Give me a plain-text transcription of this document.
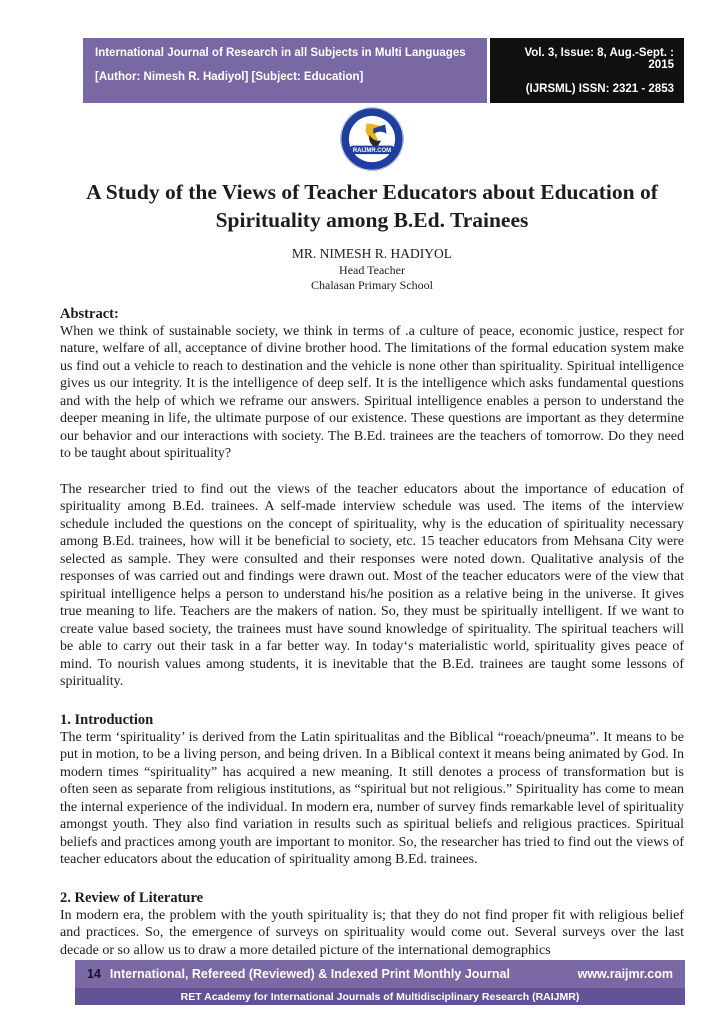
International Journal of Research in all Subjects in Multi Languages
[Author: Nimesh R. Hadiyol] [Subject: Education]
Vol. 3, Issue: 8, Aug.-Sept. : 2015
(IJRSML) ISSN: 2321 - 2853
RAIJMR.COM
A Study of the Views of Teacher Educators about Education of Spirituality among B.Ed. Trainees
MR. NIMESH R. HADIYOL
Head Teacher
Chalasan Primary School
Abstract:

When we think of sustainable society, we think in terms of .a culture of peace, economic justice, respect for nature, welfare of all, acceptance of divine brother hood. The limitations of the formal education system make us find out a vehicle to reach to destination and the vehicle is none other than spirituality. Spiritual intelligence gives us our integrity. It is the intelligence of deep self. It is the intelligence which asks fundamental questions and with the help of which we reframe our answers. Spiritual intelligence enables a person to understand the deeper meaning in life, the ultimate purpose of our existence. These questions are important as they determine our behavior and our interactions with society. The B.Ed. trainees are the teachers of tomorrow. Do they need to be taught about spirituality?

The researcher tried to find out the views of the teacher educators about the importance of education of spirituality among B.Ed. trainees. A self-made interview schedule was used. The items of the interview schedule included the questions on the concept of spirituality, why is the education of spirituality necessary among B.Ed. trainees, how will it be beneficial to society, etc. 15 teacher educators from Mehsana City were selected as sample. They were consulted and their responses were noted down. Qualitative analysis of the responses of was carried out and findings were drawn out. Most of the teacher educators were of the view that spiritual intelligence helps a person to understand his/he position as a relative being in the universe. It gives true meaning to life. Teachers are the makers of nation. So, they must be spiritually intelligent. If we want to create value based society, the trainees must have sound knowledge of spirituality. The spiritual teachers will be able to carry out their task in a far better way. In today‘s materialistic world, spirituality gives peace of mind. To nourish values among students, it is inevitable that the B.Ed. trainees are taught some lessons of spirituality.

1. Introduction

The term ‘spirituality’ is derived from the Latin spiritualitas and the Biblical “roeach/pneuma”. It means to be put in motion, to be a living person, and being driven. In a Biblical context it means being animated by God. In modern times “spirituality” has acquired a new meaning. It still denotes a process of transformation but is often seen as separate from religious institutions, as “spiritual but not religious.” Spirituality has come to mean the internal experience of the individual. In modern era, number of survey finds remarkable level of spirituality amongst youth. They also find variation in results such as spiritual beliefs and religious practices. Spiritual beliefs and practices among youth are important to monitor. So, the researcher has tried to find out the views of teacher educators about the education of spirituality among B.Ed. trainees.

2. Review of Literature

In modern era, the problem with the youth spirituality is; that they do not find proper fit with religious belief and practices. So, the emergence of surveys on spirituality would come out. Several surveys over the last decade or so allow us to draw a more detailed picture of the international demographics

14 International, Refereed (Reviewed) & Indexed Print Monthly Journal	www.raijmr.com
RET Academy for International Journals of Multidisciplinary Research (RAIJMR)
